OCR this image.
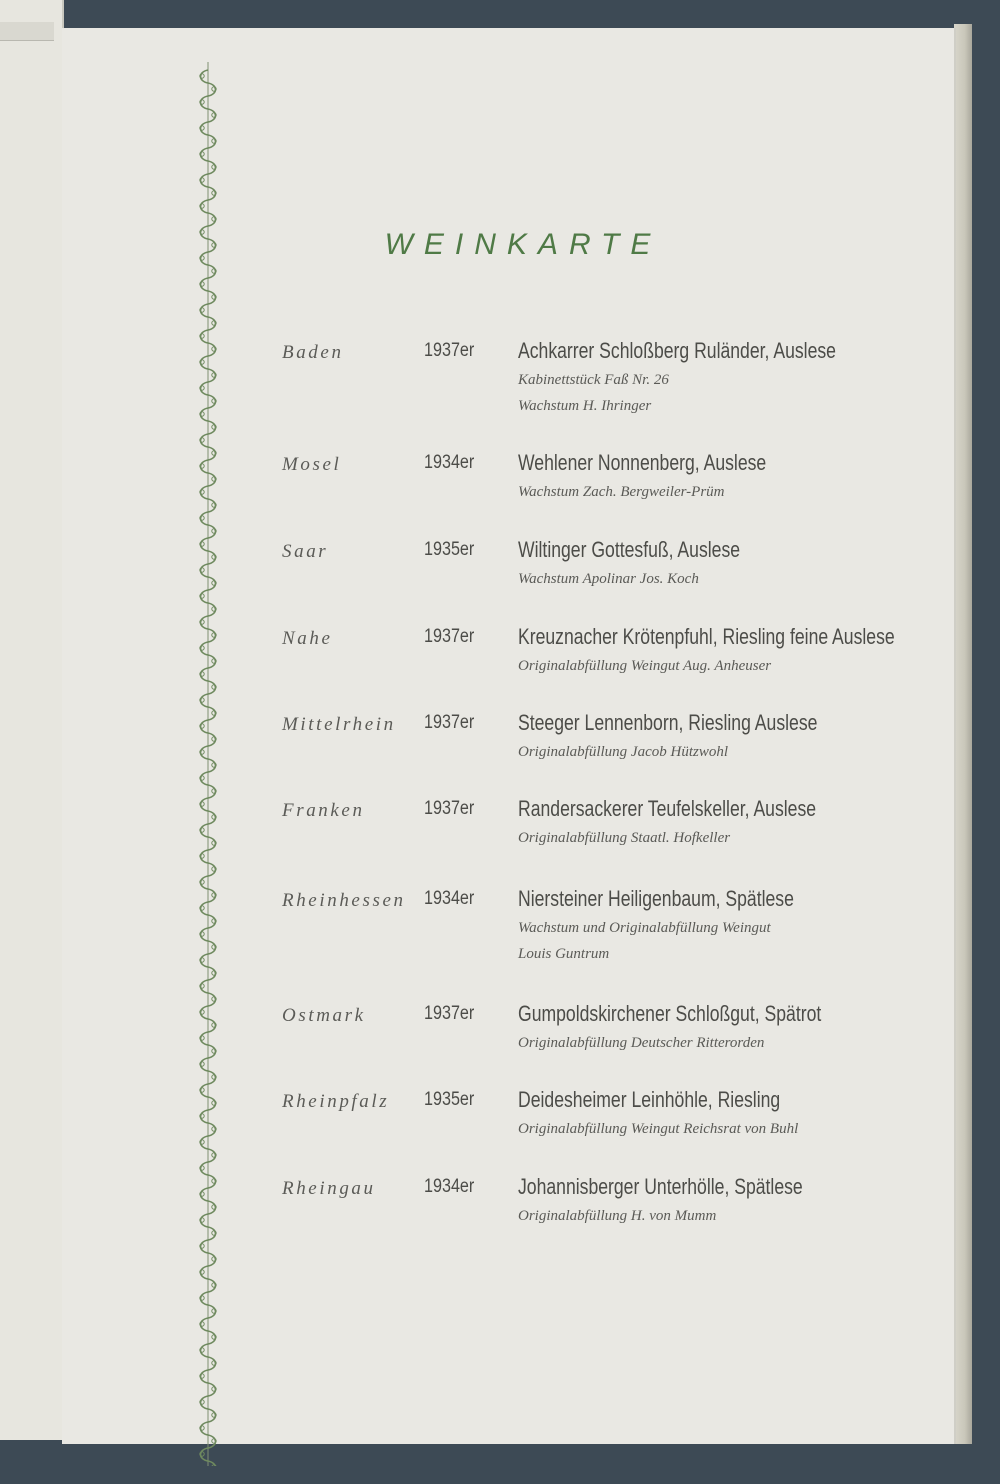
WEINKARTE
Baden	1937er Achkarrer Schloßberg Ruländer, Auslese
Kabinettstück Faß Nr. 26
Wachstum H. Ihringer
Mosel	1934er Wehlener Nonnenberg, Auslese
Wachstum Zach. Bergweiler-Prüm
Saar	1935er Wiltinger Gottesfuß, Auslese
Wachstum Apolinar Jos. Koch
Nahe	1937er Kreuznacher Krötenpfuhl, Riesling feine Auslese
Originalabfüllung Weingut Aug. Anheuser
Mittelrhein 1937er Steeger Lennenborn, Riesling Auslese
Originalabfüllung Jacob Hützwohl
Franken	1937er Randersackerer Teufelskeller, Auslese
Originalabfüllung Staatl. Hofkeller
Rheinhessen 1934er Niersteiner Heiligenbaum, Spätlese
Wachstum und Originalabfüllung Weingut
Louis Guntrum
Ostmark	1937er Gumpoldskirchener Schloßgut, Spätrot
Originalabfüllung Deutscher Ritterorden
Rheinpfalz 1935er Deidesheimer Leinhöhle, Riesling
Originalabfüllung Weingut Reichsrat von Buhl
Rheingau	1934er Johannisberger Unterhölle, Spätlese
Originalabfüllung H. von Mumm
